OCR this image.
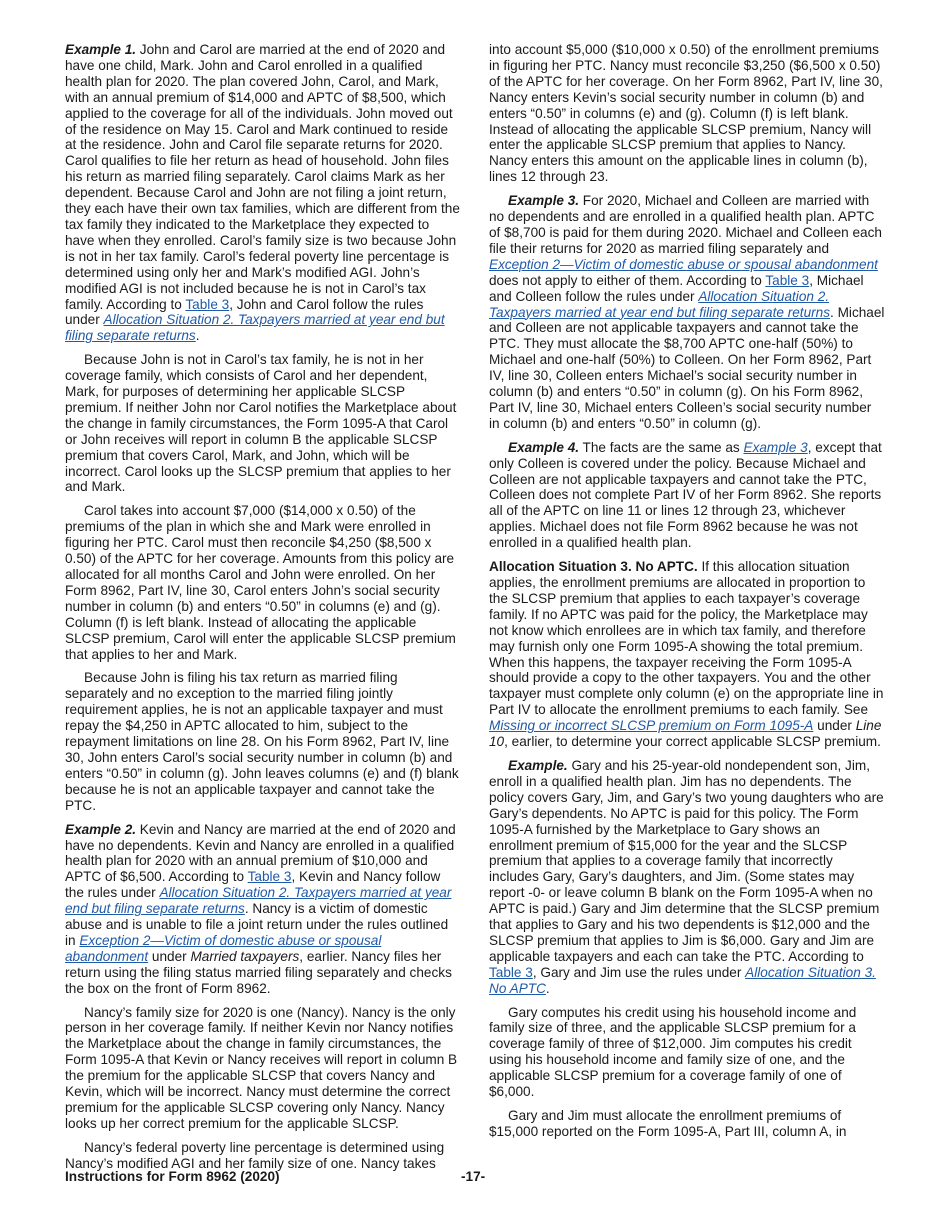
Example 1. John and Carol are married at the end of 2020 and have one child, Mark. John and Carol enrolled in a qualified health plan for 2020. The plan covered John, Carol, and Mark, with an annual premium of $14,000 and APTC of $8,500, which applied to the coverage for all of the individuals. John moved out of the residence on May 15. Carol and Mark continued to reside at the residence. John and Carol file separate returns for 2020. Carol qualifies to file her return as head of household. John files his return as married filing separately. Carol claims Mark as her dependent. Because Carol and John are not filing a joint return, they each have their own tax families, which are different from the tax family they indicated to the Marketplace they expected to have when they enrolled. Carol’s family size is two because John is not in her tax family. Carol’s federal poverty line percentage is determined using only her and Mark’s modified AGI. John’s modified AGI is not included because he is not in Carol’s tax family. According to Table 3, John and Carol follow the rules under Allocation Situation 2. Taxpayers married at year end but filing separate returns.

Because John is not in Carol’s tax family, he is not in her coverage family, which consists of Carol and her dependent, Mark, for purposes of determining her applicable SLCSP premium. If neither John nor Carol notifies the Marketplace about the change in family circumstances, the Form 1095-A that Carol or John receives will report in column B the applicable SLCSP premium that covers Carol, Mark, and John, which will be incorrect. Carol looks up the SLCSP premium that applies to her and Mark.

Carol takes into account $7,000 ($14,000 x 0.50) of the premiums of the plan in which she and Mark were enrolled in figuring her PTC. Carol must then reconcile $4,250 ($8,500 x 0.50) of the APTC for her coverage. Amounts from this policy are allocated for all months Carol and John were enrolled. On her Form 8962, Part IV, line 30, Carol enters John’s social security number in column (b) and enters “0.50” in columns (e) and (g). Column (f) is left blank. Instead of allocating the applicable SLCSP premium, Carol will enter the applicable SLCSP premium that applies to her and Mark.

Because John is filing his tax return as married filing separately and no exception to the married filing jointly requirement applies, he is not an applicable taxpayer and must repay the $4,250 in APTC allocated to him, subject to the repayment limitations on line 28. On his Form 8962, Part IV, line 30, John enters Carol’s social security number in column (b) and enters “0.50” in column (g). John leaves columns (e) and (f) blank because he is not an applicable taxpayer and cannot take the PTC.

Example 2. Kevin and Nancy are married at the end of 2020 and have no dependents. Kevin and Nancy are enrolled in a qualified health plan for 2020 with an annual premium of $10,000 and APTC of $6,500. According to Table 3, Kevin and Nancy follow the rules under Allocation Situation 2. Taxpayers married at year end but filing separate returns. Nancy is a victim of domestic abuse and is unable to file a joint return under the rules outlined in Exception 2—Victim of domestic abuse or spousal abandonment under Married taxpayers, earlier. Nancy files her return using the filing status married filing separately and checks the box on the front of Form 8962.

Nancy’s family size for 2020 is one (Nancy). Nancy is the only person in her coverage family. If neither Kevin nor Nancy notifies the Marketplace about the change in family circumstances, the Form 1095-A that Kevin or Nancy receives will report in column B the premium for the applicable SLCSP that covers Nancy and Kevin, which will be incorrect. Nancy must determine the correct premium for the applicable SLCSP covering only Nancy. Nancy looks up her correct premium for the applicable SLCSP.

Nancy’s federal poverty line percentage is determined using Nancy’s modified AGI and her family size of one. Nancy takes

into account $5,000 ($10,000 x 0.50) of the enrollment premiums in figuring her PTC. Nancy must reconcile $3,250 ($6,500 x 0.50) of the APTC for her coverage. On her Form 8962, Part IV, line 30, Nancy enters Kevin’s social security number in column (b) and enters “0.50” in columns (e) and (g). Column (f) is left blank. Instead of allocating the applicable SLCSP premium, Nancy will enter the applicable SLCSP premium that applies to Nancy. Nancy enters this amount on the applicable lines in column (b), lines 12 through 23.

Example 3. For 2020, Michael and Colleen are married with no dependents and are enrolled in a qualified health plan. APTC of $8,700 is paid for them during 2020. Michael and Colleen each file their returns for 2020 as married filing separately and Exception 2—Victim of domestic abuse or spousal abandonment does not apply to either of them. According to Table 3, Michael and Colleen follow the rules under Allocation Situation 2. Taxpayers married at year end but filing separate returns. Michael and Colleen are not applicable taxpayers and cannot take the PTC. They must allocate the $8,700 APTC one-half (50%) to Michael and one-half (50%) to Colleen. On her Form 8962, Part IV, line 30, Colleen enters Michael’s social security number in column (b) and enters “0.50” in column (g). On his Form 8962, Part IV, line 30, Michael enters Colleen’s social security number in column (b) and enters “0.50” in column (g).

Example 4. The facts are the same as Example 3, except that only Colleen is covered under the policy. Because Michael and Colleen are not applicable taxpayers and cannot take the PTC, Colleen does not complete Part IV of her Form 8962. She reports all of the APTC on line 11 or lines 12 through 23, whichever applies. Michael does not file Form 8962 because he was not enrolled in a qualified health plan.

Allocation Situation 3. No APTC. If this allocation situation applies, the enrollment premiums are allocated in proportion to the SLCSP premium that applies to each taxpayer’s coverage family. If no APTC was paid for the policy, the Marketplace may not know which enrollees are in which tax family, and therefore may furnish only one Form 1095-A showing the total premium. When this happens, the taxpayer receiving the Form 1095-A should provide a copy to the other taxpayers. You and the other taxpayer must complete only column (e) on the appropriate line in Part IV to allocate the enrollment premiums to each family. See Missing or incorrect SLCSP premium on Form 1095-A under Line 10, earlier, to determine your correct applicable SLCSP premium.

Example. Gary and his 25-year-old nondependent son, Jim, enroll in a qualified health plan. Jim has no dependents. The policy covers Gary, Jim, and Gary’s two young daughters who are Gary’s dependents. No APTC is paid for this policy. The Form 1095-A furnished by the Marketplace to Gary shows an enrollment premium of $15,000 for the year and the SLCSP premium that applies to a coverage family that incorrectly includes Gary, Gary’s daughters, and Jim. (Some states may report -0- or leave column B blank on the Form 1095-A when no APTC is paid.) Gary and Jim determine that the SLCSP premium that applies to Gary and his two dependents is $12,000 and the SLCSP premium that applies to Jim is $6,000. Gary and Jim are applicable taxpayers and each can take the PTC. According to Table 3, Gary and Jim use the rules under Allocation Situation 3. No APTC.

Gary computes his credit using his household income and family size of three, and the applicable SLCSP premium for a coverage family of three of $12,000. Jim computes his credit using his household income and family size of one, and the applicable SLCSP premium for a coverage family of one of $6,000.

Gary and Jim must allocate the enrollment premiums of $15,000 reported on the Form 1095-A, Part III, column A, in

Instructions for Form 8962 (2020)	-17-
